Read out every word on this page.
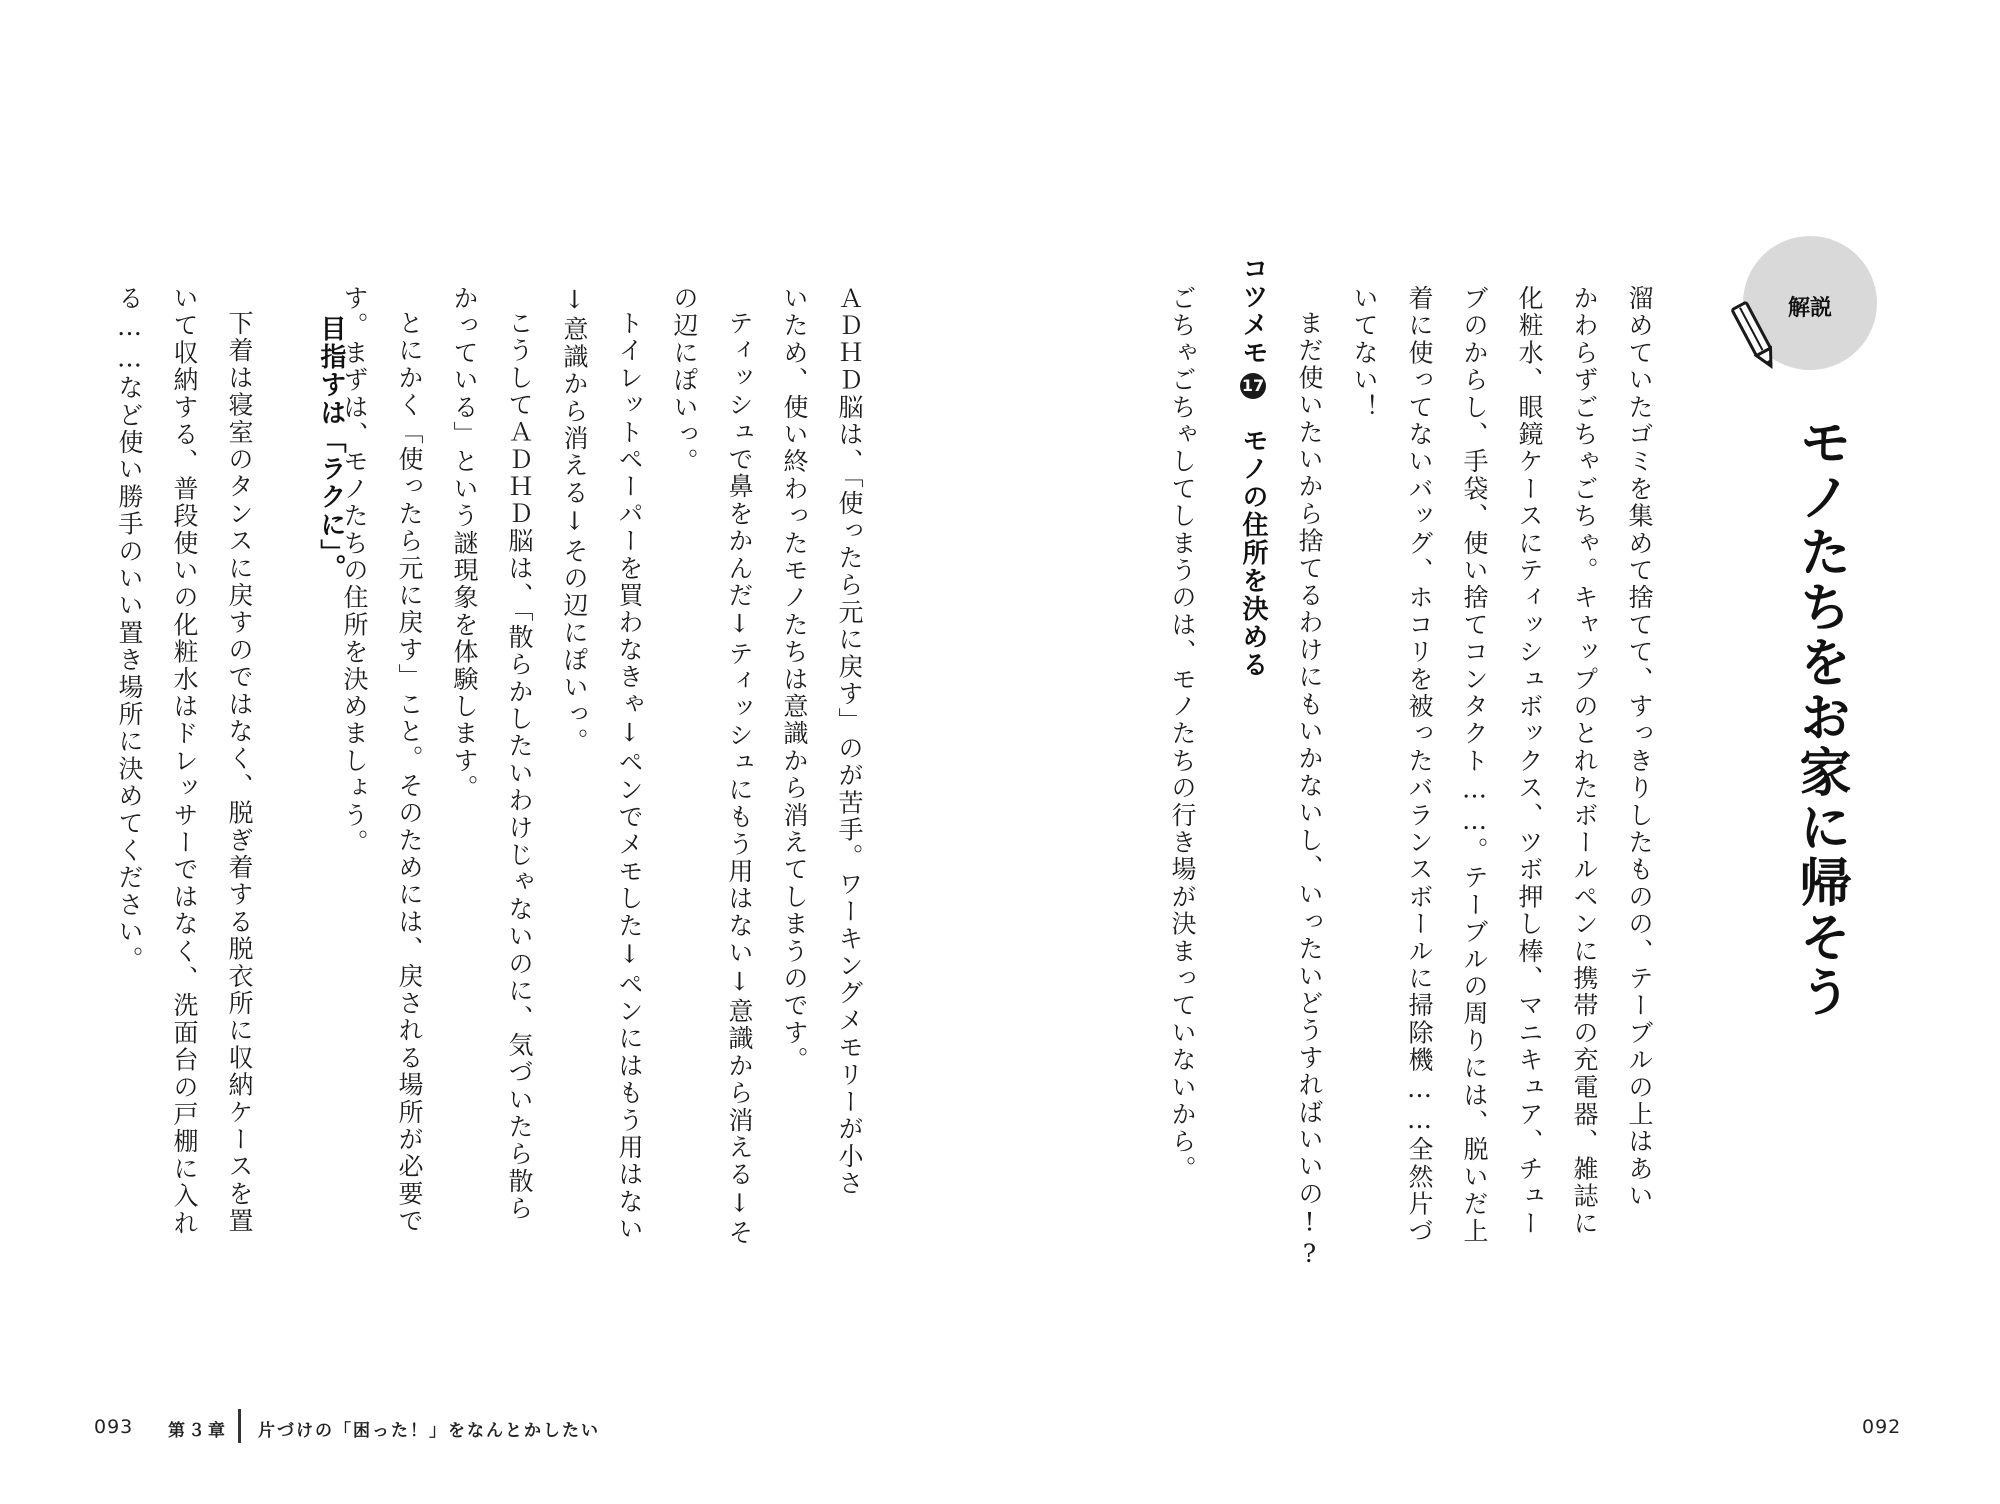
解説
モノたちをお家に帰そう
溜めていたゴミを集めて捨てて、すっきりしたものの、テーブルの上はあい
かわらずごちゃごちゃ。キャップのとれたボールペンに携帯の充電器、雑誌に
化粧水、眼鏡ケースにティッシュボックス、ツボ押し棒、マニキュア、チュー
ブのからし、手袋、使い捨てコンタクト……。テーブルの周りには、脱いだ上
着に使ってないバッグ、ホコリを被ったバランスボールに掃除機……全然片づ
いてない！
まだ使いたいから捨てるわけにもいかないし、いったいどうすればいいの!?
コツメモ17モノの住所を決める
ごちゃごちゃしてしまうのは、モノたちの行き場が決まっていないから。
ＡＤＨＤ脳は、「使ったら元に戻す」のが苦手。ワーキングメモリーが小さ
いため、使い終わったモノたちは意識から消えてしまうのです。
ティッシュで鼻をかんだ↓ティッシュにもう用はない↓意識から消える↓そ
の辺にぽいっ。
トイレットペーパーを買わなきゃ↓ペンでメモした↓ペンにはもう用はない
↓意識から消える↓その辺にぽいっ。
こうしてＡＤＨＤ脳は、「散らかしたいわけじゃないのに、気づいたら散ら
かっている」という謎現象を体験します。
とにかく「使ったら元に戻す」こと。そのためには、戻される場所が必要で
す。まずは、モノたちの住所を決めましょう。
目指すは「ラクに」。
下着は寝室のタンスに戻すのではなく、脱ぎ着する脱衣所に収納ケースを置
いて収納する、普段使いの化粧水はドレッサーではなく、洗面台の戸棚に入れ
る……など使い勝手のいい置き場所に決めてください。
093 第３章 片づけの「困った！」をなんとかしたい	092
